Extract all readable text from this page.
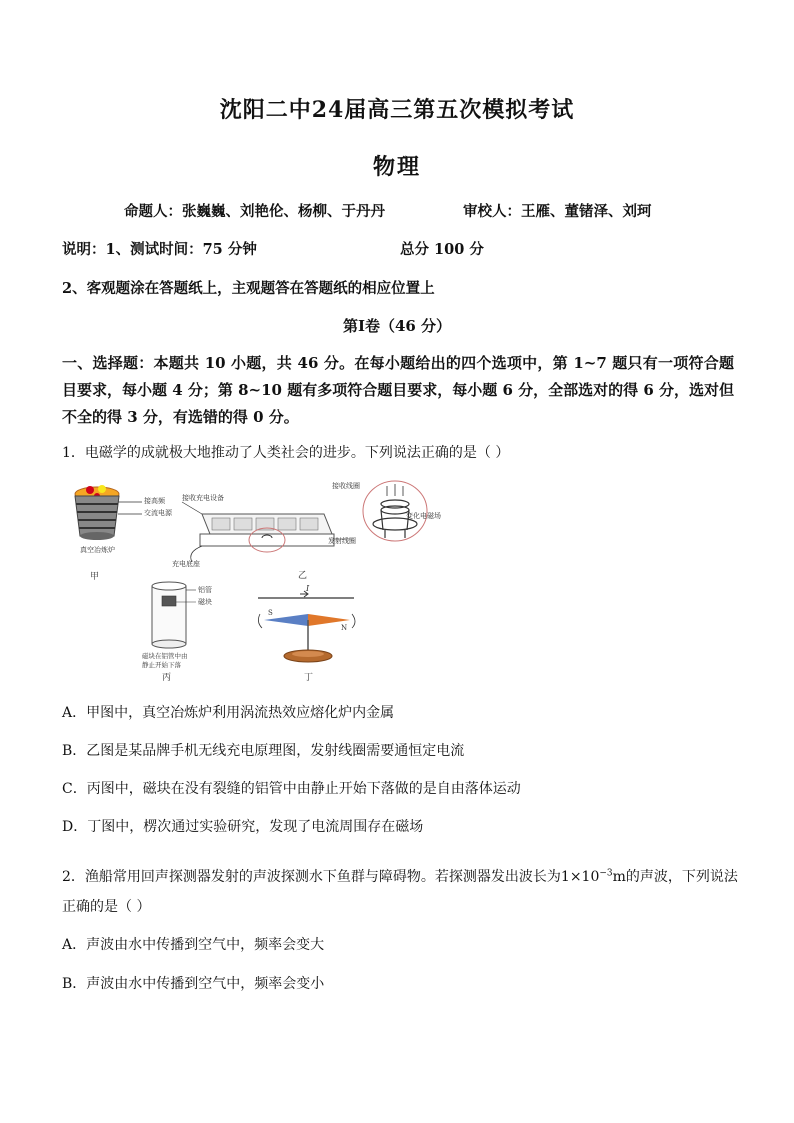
沈阳二中24届高三第五次模拟考试
物理
命题人：张巍巍、刘艳伦、杨柳、于丹丹	审校人：王雁、董锗泽、刘珂
说明：1、测试时间：75 分钟	总分 100 分
2、客观题涂在答题纸上，主观题答在答题纸的相应位置上
第Ⅰ卷（46 分）
一、选择题：本题共 10 小题，共 46 分。在每小题给出的四个选项中，第 1~7 题只有一项符合题目要求，每小题 4 分；第 8~10 题有多项符合题目要求，每小题 6 分，全部选对的得 6 分，选对但不全的得 3 分，有选错的得 0 分。
1．电磁学的成就极大地推动了人类社会的进步。下列说法正确的是（ ）
接高频
交流电源
真空冶炼炉
甲
接收充电设备
充电底座
接收线圈
变化电磁场
发射线圈
乙
铝管
磁块
磁块在铝管中由
静止开始下落
丙
I
S
N
丁
A．甲图中，真空冶炼炉利用涡流热效应熔化炉内金属
B．乙图是某品牌手机无线充电原理图，发射线圈需要通恒定电流
C．丙图中，磁块在没有裂缝的铝管中由静止开始下落做的是自由落体运动
D．丁图中，楞次通过实验研究，发现了电流周围存在磁场
2．渔船常用回声探测器发射的声波探测水下鱼群与障碍物。若探测器发出波长为$1\times 10^{-3}m$的声波，下列说法
正确的是（ ）
A．声波由水中传播到空气中，频率会变大
B．声波由水中传播到空气中，频率会变小
